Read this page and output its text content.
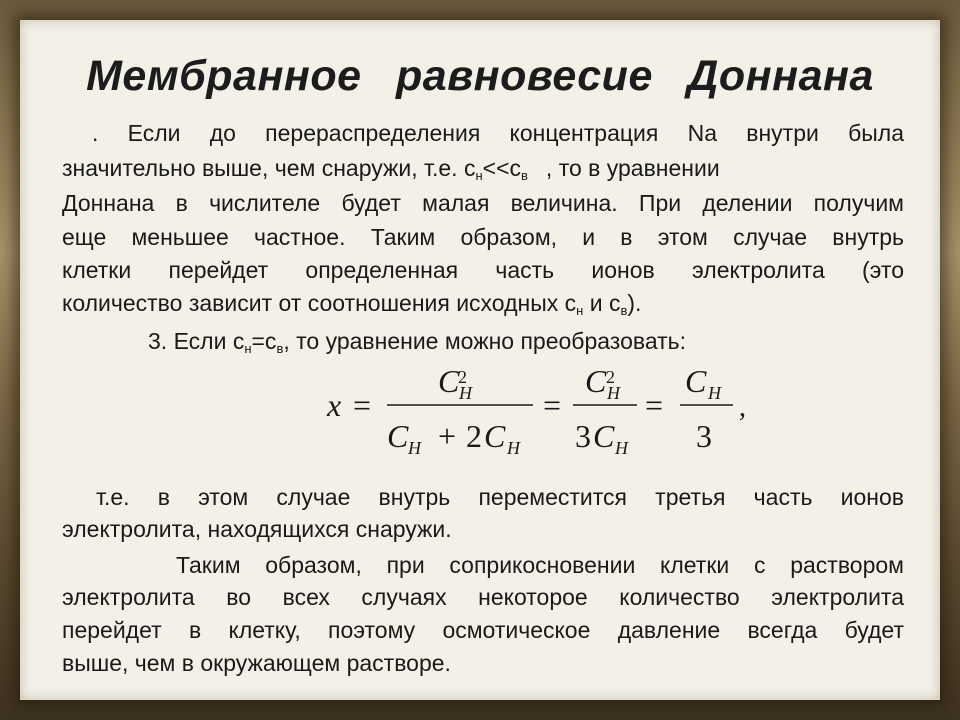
Мембранное равновесие Доннана
. Если до перераспределения концентрация Na внутри была
значительно выше, чем снаружи, т.е. $с_н<<с_в$ , то в уравнении
Доннана в числителе будет малая величина. При делении получим
еще меньшее частное. Таким образом, и в этом случае внутрь
клетки перейдет определенная часть ионов электролита (это
количество зависит от соотношения исходных $с_н$ и $с_в$).
3. Если $с_н=с_в$, то уравнение можно преобразовать:
x =
C
2
H
C H + 2 C H
=
C 2
H
3 C H
=
C H
3
,
т.е. в этом случае внутрь переместится третья часть ионов
электролита, находящихся снаружи.
Таким образом, при соприкосновении клетки с раствором
электролита во всех случаях некоторое количество электролита
перейдет в клетку, поэтому осмотическое давление всегда будет
выше, чем в окружающем растворе.
